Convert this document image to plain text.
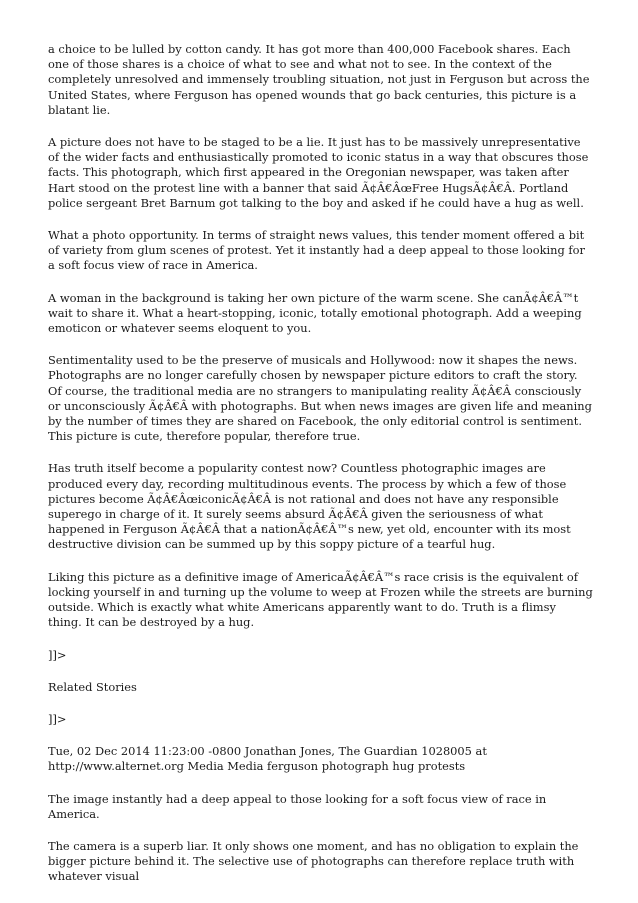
a choice to be lulled by cotton candy. It has got more than 400,000 Facebook shares. Each one of those shares is a choice of what to see and what not to see. In the context of the completely unresolved and immensely troubling situation, not just in Ferguson but across the United States, where Ferguson has opened wounds that go back centuries, this picture is a blatant lie.

A picture does not have to be staged to be a lie. It just has to be massively unrepresentative of the wider facts and enthusiastically promoted to iconic status in a way that obscures those facts. This photograph, which first appeared in the Oregonian newspaper, was taken after Hart stood on the protest line with a banner that said Ã¢Â€ÂœFree HugsÃ¢Â€Â. Portland police sergeant Bret Barnum got talking to the boy and asked if he could have a hug as well.

What a photo opportunity. In terms of straight news values, this tender moment offered a bit of variety from glum scenes of protest. Yet it instantly had a deep appeal to those looking for a soft focus view of race in America.

A woman in the background is taking her own picture of the warm scene. She canÃ¢Â€Â™t wait to share it. What a heart-stopping, iconic, totally emotional photograph. Add a weeping emoticon or whatever seems eloquent to you.

Sentimentality used to be the preserve of musicals and Hollywood: now it shapes the news. Photographs are no longer carefully chosen by newspaper picture editors to craft the story. Of course, the traditional media are no strangers to manipulating reality Ã¢Â€Â consciously or unconsciously Ã¢Â€Â with photographs. But when news images are given life and meaning by the number of times they are shared on Facebook, the only editorial control is sentiment. This picture is cute, therefore popular, therefore true.

Has truth itself become a popularity contest now? Countless photographic images are produced every day, recording multitudinous events. The process by which a few of those pictures become Ã¢Â€ÂœiconicÃ¢Â€Â is not rational and does not have any responsible superego in charge of it. It surely seems absurd Ã¢Â€Â given the seriousness of what happened in Ferguson Ã¢Â€Â that a nationÃ¢Â€Â™s new, yet old, encounter with its most destructive division can be summed up by this soppy picture of a tearful hug.

Liking this picture as a definitive image of AmericaÃ¢Â€Â™s race crisis is the equivalent of locking yourself in and turning up the volume to weep at Frozen while the streets are burning outside. Which is exactly what white Americans apparently want to do. Truth is a flimsy thing. It can be destroyed by a hug.

]]>

Related Stories

]]>

Tue, 02 Dec 2014 11:23:00 -0800 Jonathan Jones, The Guardian 1028005 at http://www.alternet.org Media Media ferguson photograph hug protests

The image instantly had a deep appeal to those looking for a soft focus view of race in America.

The camera is a superb liar. It only shows one moment, and has no obligation to explain the bigger picture behind it. The selective use of photographs can therefore replace truth with whatever visual
